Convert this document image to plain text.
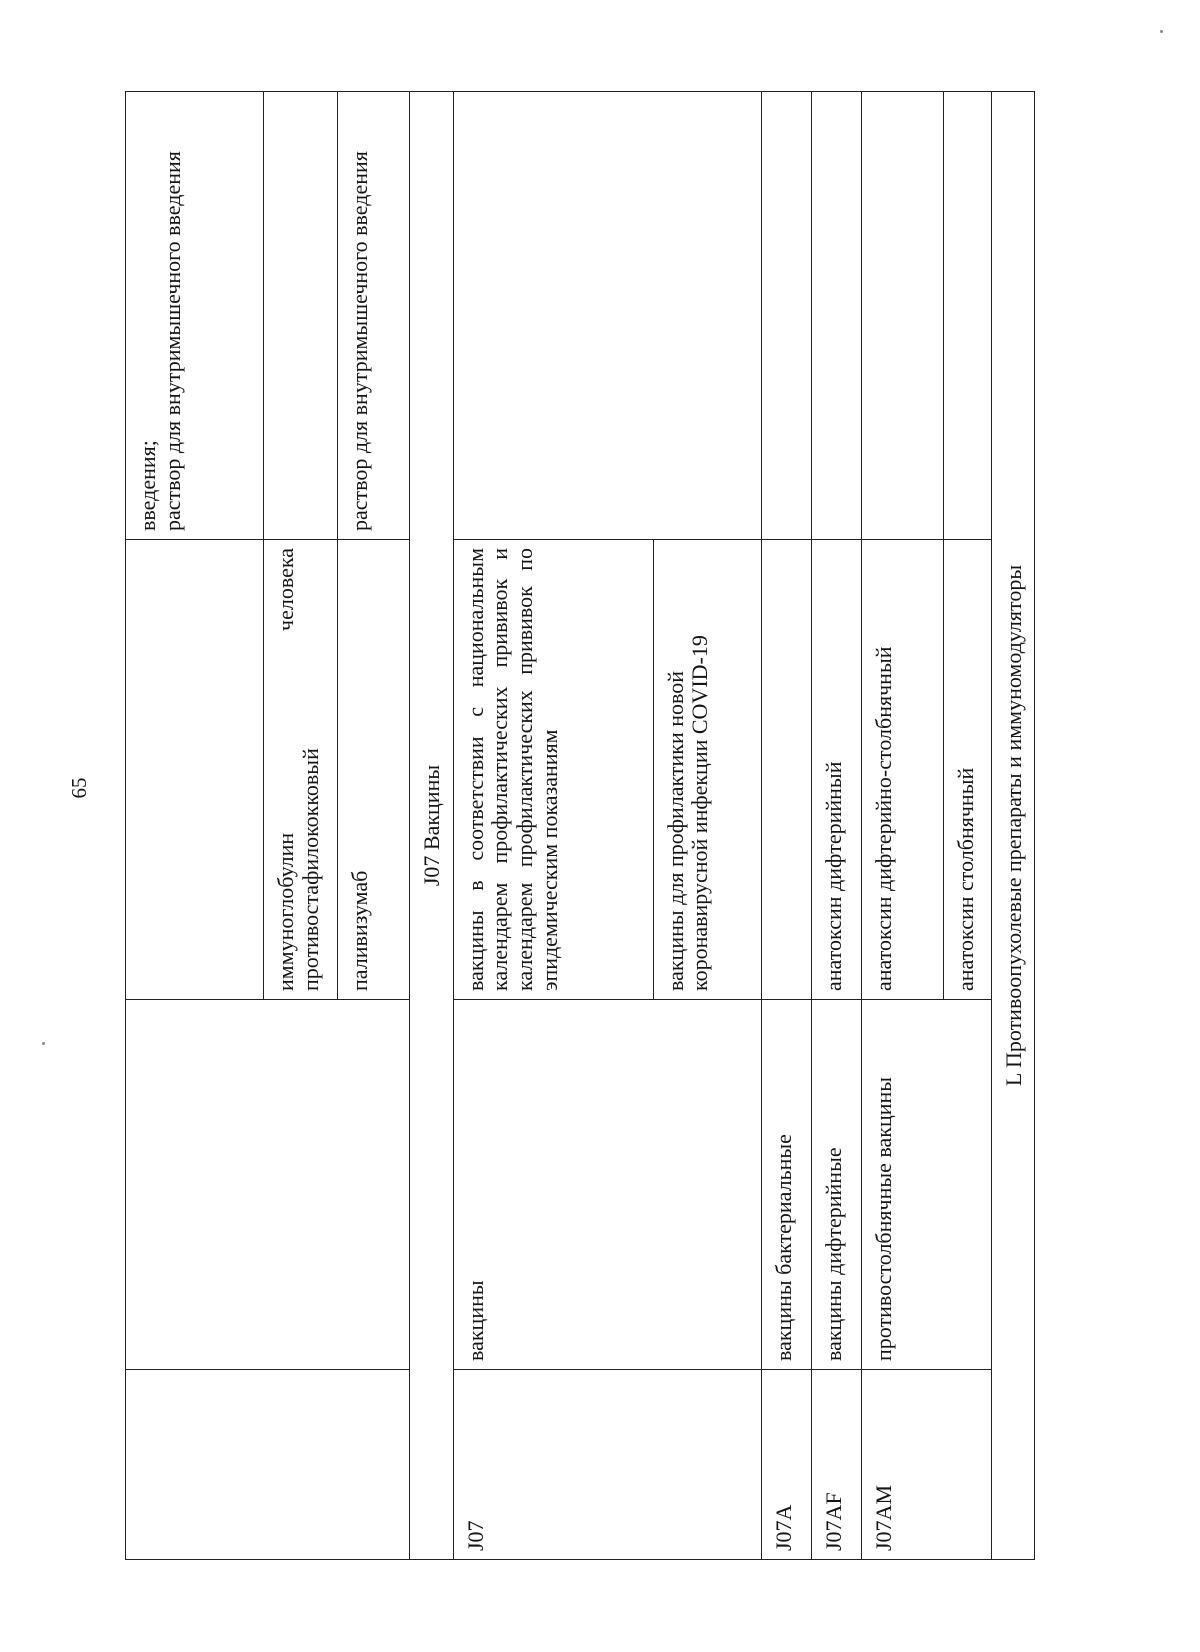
65

			введения; раствор для внутримышечного введения

		иммуноглобулин человека противостафилококковый	
		паливизумаб	раствор для внутримышечного введения
J07 Вакцины			
J07	вакцины	вакцины в соответствии с национальным календарем профилактических прививок и календарем профилактических прививок по эпидемическим показаниям	
		вакцины для профилактики новой коронавирусной инфекции COVID-19	
J07A	вакцины бактериальные		
J07AF	вакцины дифтерийные	анатоксин дифтерийный	
J07AM	противостолбнячные вакцины	анатоксин дифтерийно-столбнячный	
		анатоксин столбнячный	
L Противоопухолевые препараты и иммуномодуляторы			
